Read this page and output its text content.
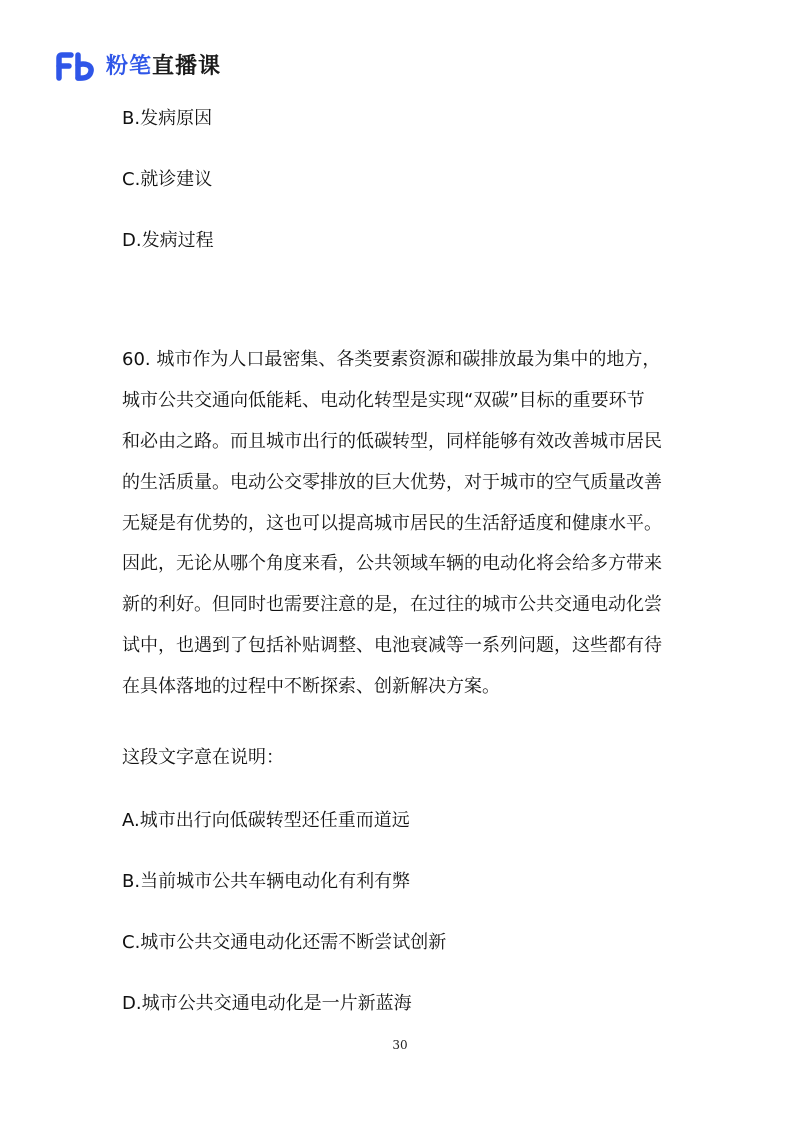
粉笔直播课
B.发病原因
C.就诊建议
D.发病过程
60. 城市作为人口最密集、各类要素资源和碳排放最为集中的地方，
城市公共交通向低能耗、电动化转型是实现“双碳”目标的重要环节
和必由之路。而且城市出行的低碳转型，同样能够有效改善城市居民
的生活质量。电动公交零排放的巨大优势，对于城市的空气质量改善
无疑是有优势的，这也可以提高城市居民的生活舒适度和健康水平。
因此，无论从哪个角度来看，公共领域车辆的电动化将会给多方带来
新的利好。但同时也需要注意的是，在过往的城市公共交通电动化尝
试中，也遇到了包括补贴调整、电池衰减等一系列问题，这些都有待
在具体落地的过程中不断探索、创新解决方案。
这段文字意在说明：
A.城市出行向低碳转型还任重而道远
B.当前城市公共车辆电动化有利有弊
C.城市公共交通电动化还需不断尝试创新
D.城市公共交通电动化是一片新蓝海
30
